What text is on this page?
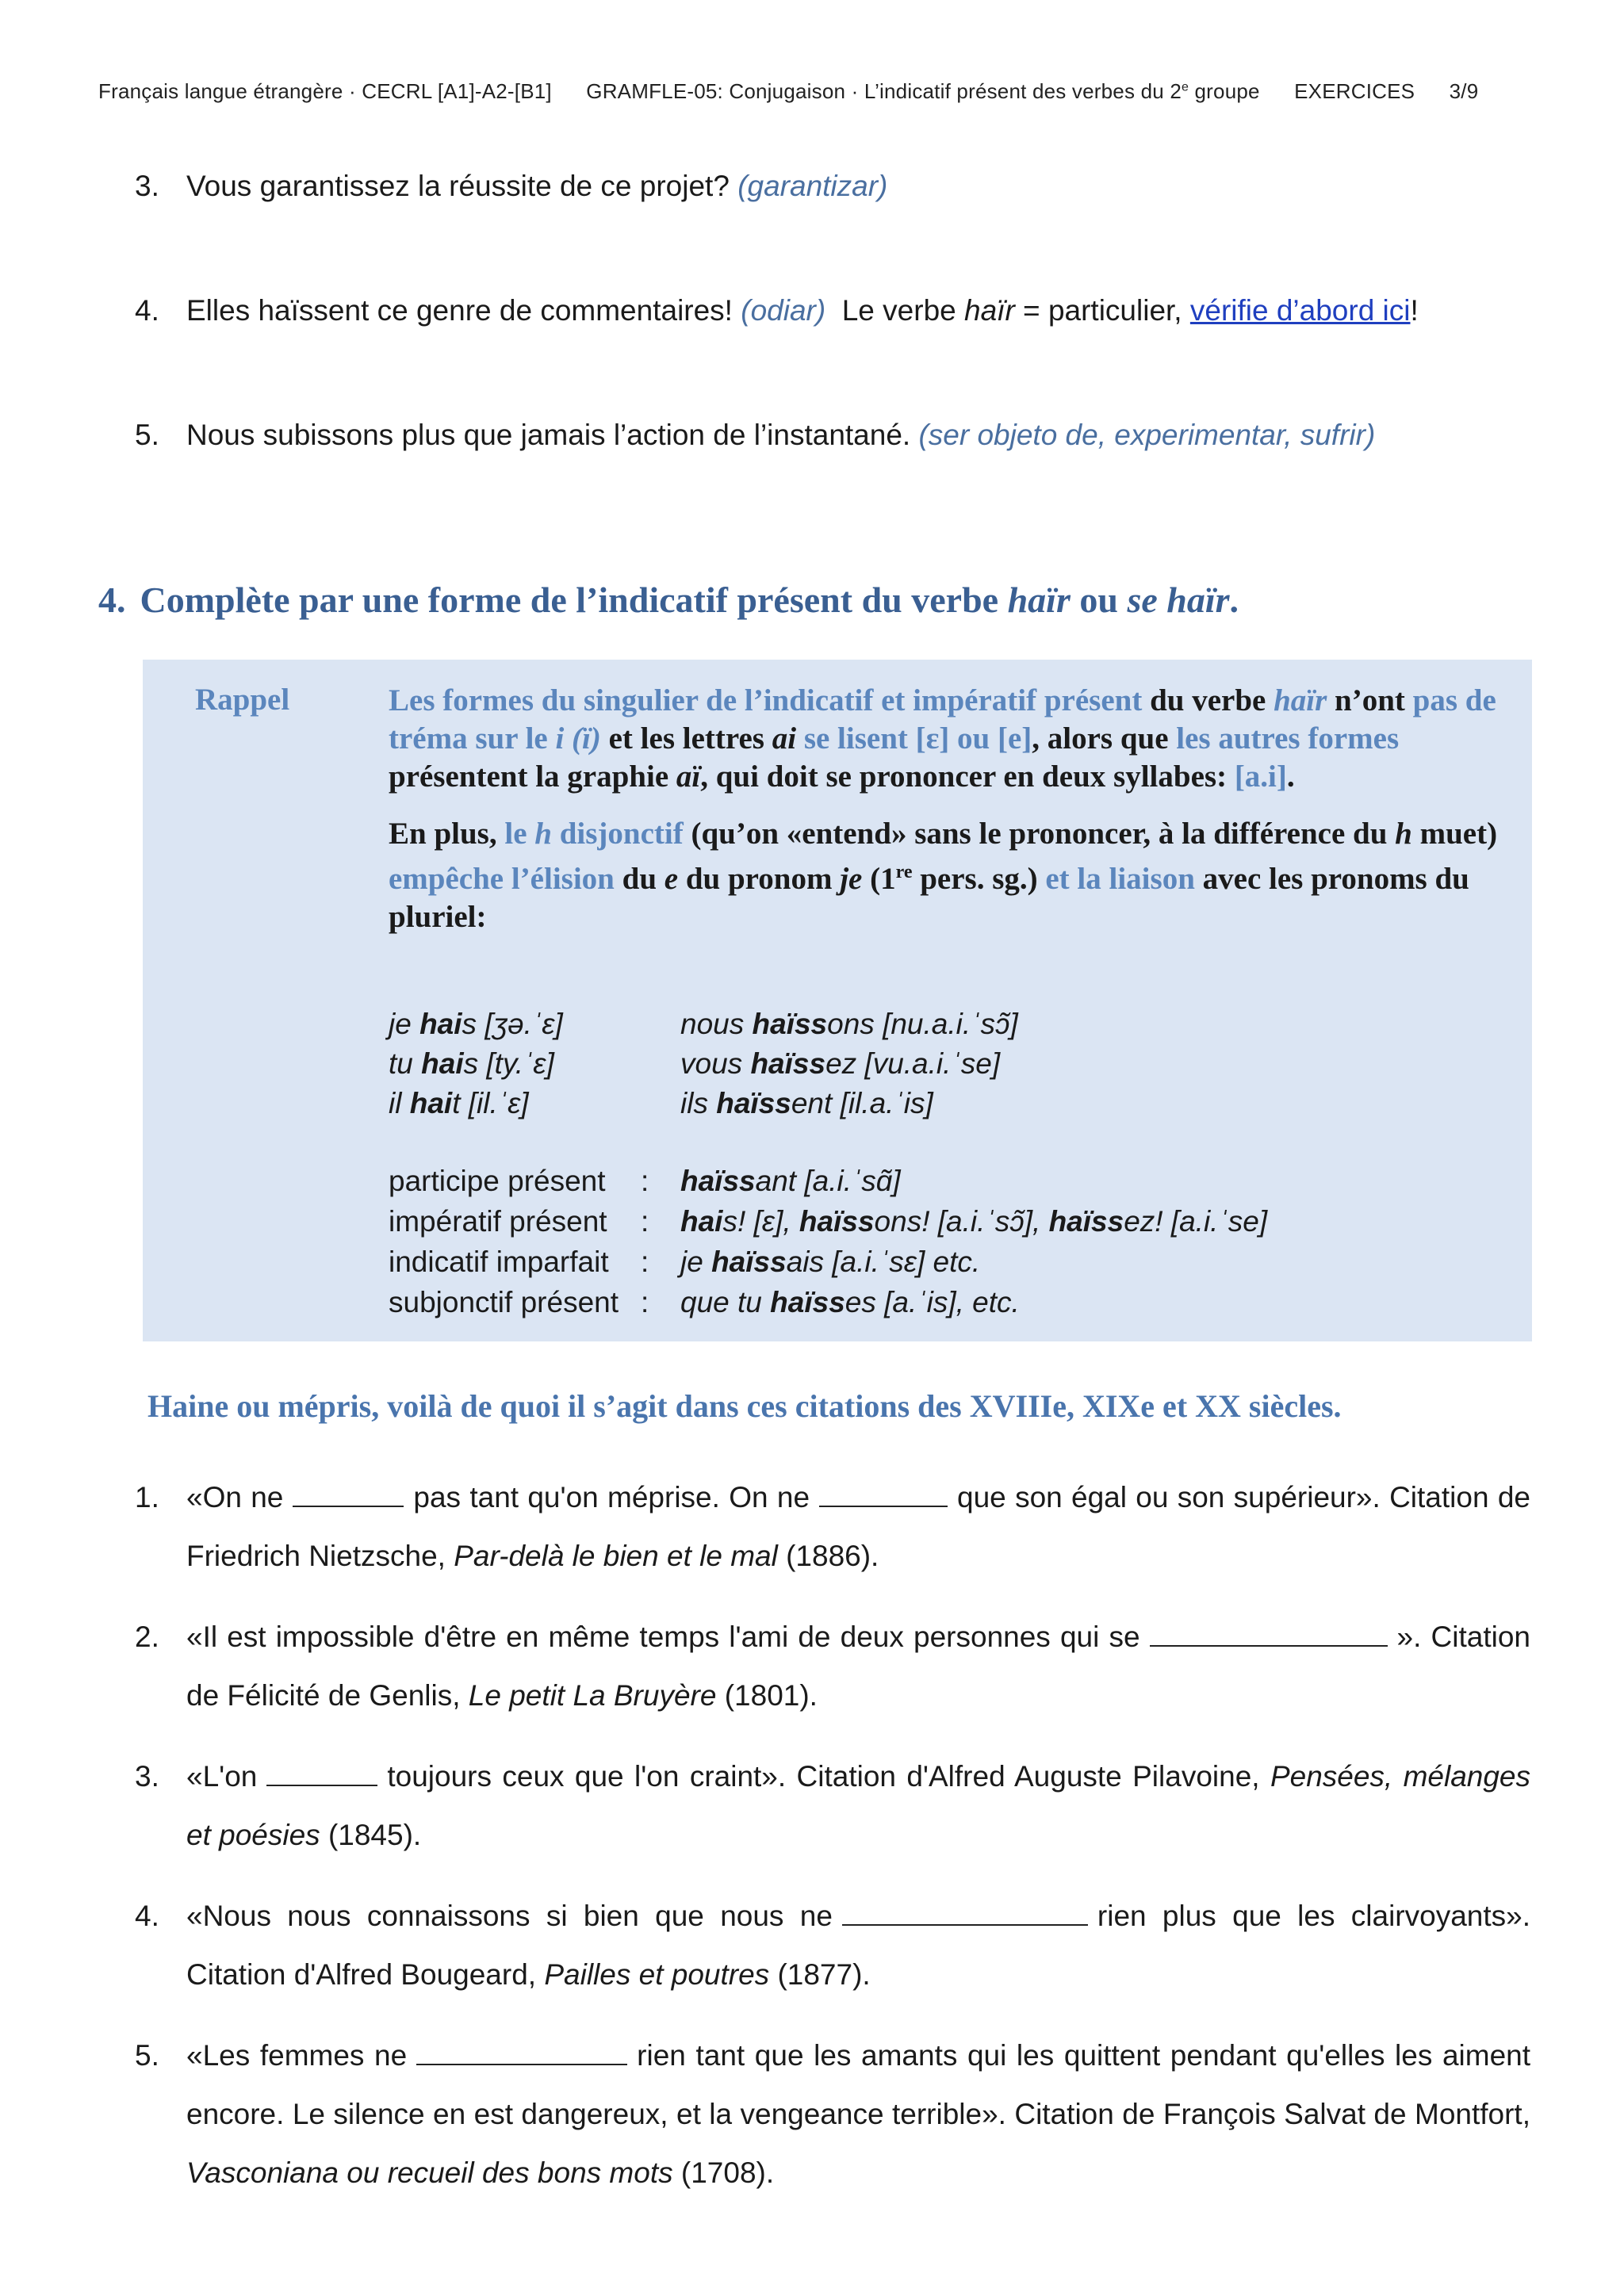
Français langue étrangère · CECRL [A1]-A2-[B1] GRAMFLE-05: Conjugaison · L’indicatif présent des verbes du 2e groupe EXERCICES 3/9
3. Vous garantissez la réussite de ce projet? (garantizar)
4. Elles haïssent ce genre de commentaires! (odiar) Le verbe haïr = particulier, vérifie d’abord ici!
5. Nous subissons plus que jamais l’action de l’instantané. (ser objeto de, experimentar, sufrir)
4. Complète par une forme de l’indicatif présent du verbe haïr ou se haïr.
Rappel	Les formes du singulier de l’indicatif et impératif présent du verbe haïr n’ont pas de tréma sur le i (ï) et les lettres ai se lisent [ɛ] ou [e], alors que les autres formes présentent la graphie aï, qui doit se prononcer en deux syllabes: [a.i].
En plus, le h disjonctif (qu’on «entend» sans le prononcer, à la différence du h muet) empêche l’élision du e du pronom je (1re pers. sg.) et la liaison avec les pronoms du pluriel:
je hais [ʒə.ˈɛ]	nous haïssons [nu.a.i.ˈsɔ̃]
tu hais [ty.ˈɛ]	vous haïssez [vu.a.i.ˈse]
il hait [il.ˈɛ]	ils haïssent [il.a.ˈis]
participe présent : haïssant [a.i.ˈsɑ̃]
impératif présent : hais! [ɛ], haïssons! [a.i.ˈsɔ̃], haïssez! [a.i.ˈse]
indicatif imparfait : je haïssais [a.i.ˈsɛ] etc.
subjonctif présent : que tu haïsses [a.ˈis], etc.
Haine ou mépris, voilà de quoi il s’agit dans ces citations des XVIIIe, XIXe et XX siècles.
1. «On ne	pas tant qu'on méprise. On ne	que son égal ou son supérieur». Citation de Friedrich Nietzsche, Par-delà le bien et le mal (1886).
2. «Il est impossible d'être en même temps l'ami de deux personnes qui se	». Citation de Félicité de Genlis, Le petit La Bruyère (1801).
3. «L'on	toujours ceux que l'on craint». Citation d'Alfred Auguste Pilavoine, Pensées, mélanges et poésies (1845).
4. «Nous nous connaissons si bien que nous ne	rien plus que les clairvoyants». Citation d'Alfred Bougeard, Pailles et poutres (1877).
5. «Les femmes ne	rien tant que les amants qui les quittent pendant qu'elles les aiment encore. Le silence en est dangereux, et la vengeance terrible». Citation de François Salvat de Montfort, Vasconiana ou recueil des bons mots (1708).
